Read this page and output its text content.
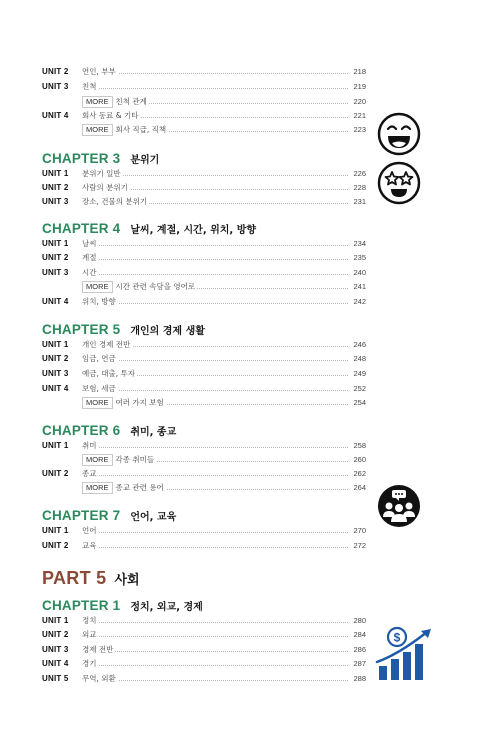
UNIT 2 연인, 부부	218
UNIT 3 친척	219
MORE 친척 관계	220
UNIT 4 회사 동료 & 기타	221
MORE 회사 직급, 직책	223
CHAPTER 3 분위기
UNIT 1 분위기 일반	226
UNIT 2 사람의 분위기	228
UNIT 3 장소, 건물의 분위기	231
CHAPTER 4 날씨, 계절, 시간, 위치, 방향
UNIT 1 날씨	234
UNIT 2 계절	235
UNIT 3 시간	240
MORE 시간 관련 속담을 영어로	241
UNIT 4 위치, 방향	242
CHAPTER 5 개인의 경제 생활
UNIT 1 개인 경제 전반	246
UNIT 2 임금, 연금	248
UNIT 3 예금, 대출, 투자	249
UNIT 4 보험, 세금	252
MORE 여러 가지 보험	254
CHAPTER 6 취미, 종교
UNIT 1 취미	258
MORE 각종 취미들	260
UNIT 2 종교	262
MORE 종교 관련 용어	264
CHAPTER 7 언어, 교육
UNIT 1 언어	270
UNIT 2 교육	272
PART 5 사회
CHAPTER 1 정치, 외교, 경제
UNIT 1 정치	280
UNIT 2 외교	284
UNIT 3 경제 전반	286
UNIT 4 경기	287
UNIT 5 무역, 외환	288
$
